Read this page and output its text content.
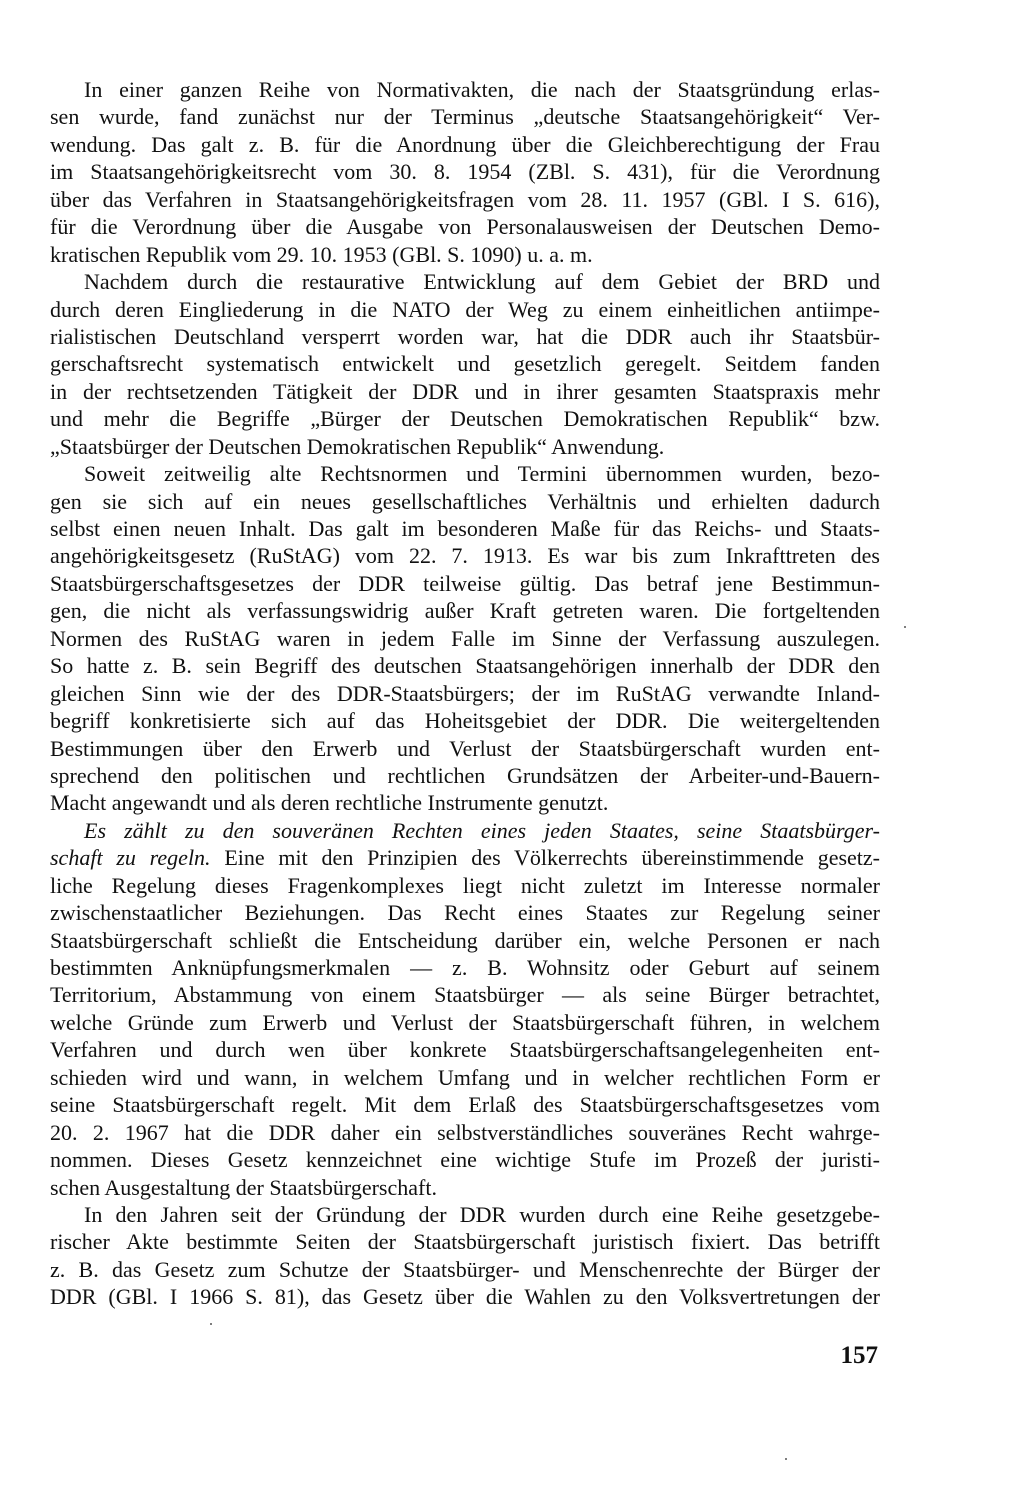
In einer ganzen Reihe von Normativakten, die nach der Staatsgründung erlas-
sen wurde, fand zunächst nur der Terminus „deutsche Staatsangehörigkeit“ Ver-
wendung. Das galt z. B. für die Anordnung über die Gleichberechtigung der Frau
im Staatsangehörigkeitsrecht vom 30. 8. 1954 (ZBl. S. 431), für die Verordnung
über das Verfahren in Staatsangehörigkeitsfragen vom 28. 11. 1957 (GBl. I S. 616),
für die Verordnung über die Ausgabe von Personalausweisen der Deutschen Demo-
kratischen Republik vom 29. 10. 1953 (GBl. S. 1090) u. a. m.
Nachdem durch die restaurative Entwicklung auf dem Gebiet der BRD und
durch deren Eingliederung in die NATO der Weg zu einem einheitlichen antiimpe-
rialistischen Deutschland versperrt worden war, hat die DDR auch ihr Staatsbür-
gerschaftsrecht systematisch entwickelt und gesetzlich geregelt. Seitdem fanden
in der rechtsetzenden Tätigkeit der DDR und in ihrer gesamten Staatspraxis mehr
und mehr die Begriffe „Bürger der Deutschen Demokratischen Republik“ bzw.
„Staatsbürger der Deutschen Demokratischen Republik“ Anwendung.
Soweit zeitweilig alte Rechtsnormen und Termini übernommen wurden, bezo-
gen sie sich auf ein neues gesellschaftliches Verhältnis und erhielten dadurch
selbst einen neuen Inhalt. Das galt im besonderen Maße für das Reichs- und Staats-
angehörigkeitsgesetz (RuStAG) vom 22. 7. 1913. Es war bis zum Inkrafttreten des
Staatsbürgerschaftsgesetzes der DDR teilweise gültig. Das betraf jene Bestimmun-
gen, die nicht als verfassungswidrig außer Kraft getreten waren. Die fortgeltenden
Normen des RuStAG waren in jedem Falle im Sinne der Verfassung auszulegen.
So hatte z. B. sein Begriff des deutschen Staatsangehörigen innerhalb der DDR den
gleichen Sinn wie der des DDR-Staatsbürgers; der im RuStAG verwandte Inland-
begriff konkretisierte sich auf das Hoheitsgebiet der DDR. Die weitergeltenden
Bestimmungen über den Erwerb und Verlust der Staatsbürgerschaft wurden ent-
sprechend den politischen und rechtlichen Grundsätzen der Arbeiter-und-Bauern-
Macht angewandt und als deren rechtliche Instrumente genutzt.
Es zählt zu den souveränen Rechten eines jeden Staates, seine Staatsbürger-
schaft zu regeln. Eine mit den Prinzipien des Völkerrechts übereinstimmende gesetz-
liche Regelung dieses Fragenkomplexes liegt nicht zuletzt im Interesse normaler
zwischenstaatlicher Beziehungen. Das Recht eines Staates zur Regelung seiner
Staatsbürgerschaft schließt die Entscheidung darüber ein, welche Personen er nach
bestimmten Anknüpfungsmerkmalen — z. B. Wohnsitz oder Geburt auf seinem
Territorium, Abstammung von einem Staatsbürger — als seine Bürger betrachtet,
welche Gründe zum Erwerb und Verlust der Staatsbürgerschaft führen, in welchem
Verfahren und durch wen über konkrete Staatsbürgerschaftsangelegenheiten ent-
schieden wird und wann, in welchem Umfang und in welcher rechtlichen Form er
seine Staatsbürgerschaft regelt. Mit dem Erlaß des Staatsbürgerschaftsgesetzes vom
20. 2. 1967 hat die DDR daher ein selbstverständliches souveränes Recht wahrge-
nommen. Dieses Gesetz kennzeichnet eine wichtige Stufe im Prozeß der juristi-
schen Ausgestaltung der Staatsbürgerschaft.
In den Jahren seit der Gründung der DDR wurden durch eine Reihe gesetzgebe-
rischer Akte bestimmte Seiten der Staatsbürgerschaft juristisch fixiert. Das betrifft
z. B. das Gesetz zum Schutze der Staatsbürger- und Menschenrechte der Bürger der
DDR (GBl. I 1966 S. 81), das Gesetz über die Wahlen zu den Volksvertretungen der
157
